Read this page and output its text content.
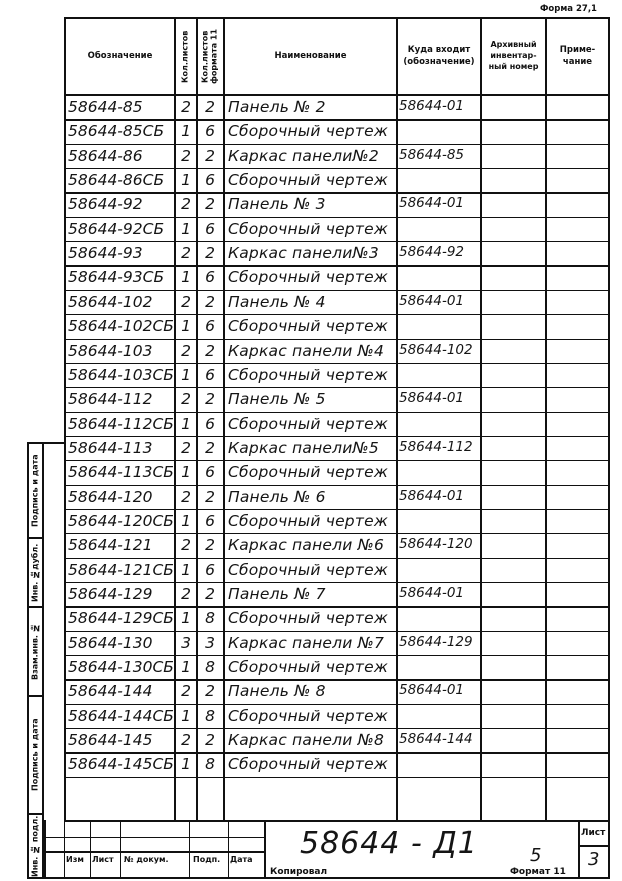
Форма 27,1
Обозначение	Кол.листов	Кол.листов
формата 11
Наименование
Куда входит
(обозначение)
Архивный
инвентар-
ный номер
Приме-
чание
58644-85	2 2 Панель № 2	58644-01
58644-85СБ	1 6 Сборочный чертеж
58644-86	2 2 Каркас панели№2	58644-85
58644-86СБ	1 6 Сборочный чертеж
58644-92	2 2 Панель № 3	58644-01
58644-92СБ	1 6 Сборочный чертеж
58644-93	2 2 Каркас панели№3	58644-92
58644-93СБ	1 6 Сборочный чертеж
58644-102	2 2 Панель № 4	58644-01
58644-102СБ 1 6 Сборочный чертеж
58644-103	2 2 Каркас панели №4	58644-102
58644-103СБ 1 6 Сборочный чертеж
58644-112	2 2 Панель № 5	58644-01
58644-112СБ 1 6 Сборочный чертеж
58644-113	2 2 Каркас панели№5	58644-112
58644-113СБ 1 6 Сборочный чертеж
58644-120	2 2 Панель № 6	58644-01
58644-120СБ 1 6 Сборочный чертеж
58644-121	2 2 Каркас панели №6	58644-120
58644-121СБ 1 6 Сборочный чертеж
58644-129	2 2 Панель № 7	58644-01
58644-129СБ 1 8 Сборочный чертеж
58644-130	3 3 Каркас панели №7	58644-129
58644-130СБ 1 8 Сборочный чертеж
58644-144	2 2 Панель № 8	58644-01
58644-144СБ 1 8 Сборочный чертеж
58644-145	2 2 Каркас панели №8	58644-144
58644-145СБ 1 8 Сборочный чертеж
Подпись и дата
Инв. №дубл.
Взам.инв. №
Подпись и дата
Инв. № подл.	Изм Лист № докум.	Подп. Дата 58644 - Д1	5
Лист
3
Копировал	Формат 11
